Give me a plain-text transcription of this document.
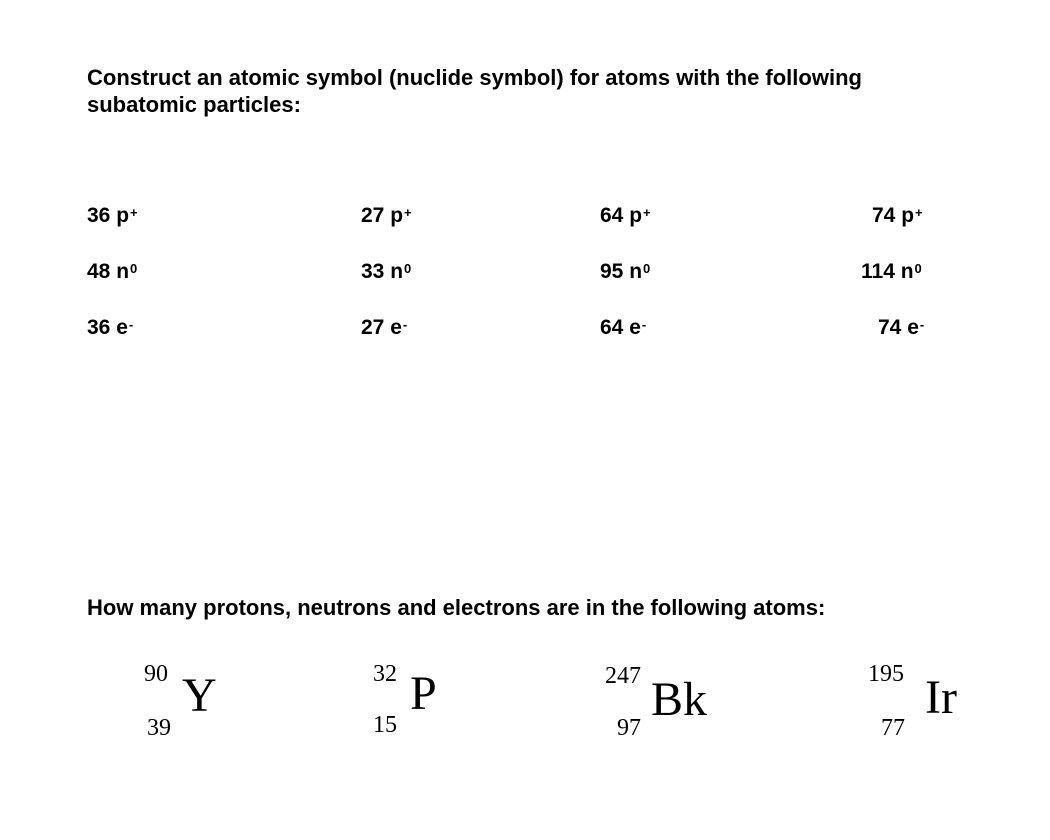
Construct an atomic symbol (nuclide symbol) for atoms with the following subatomic particles:

36 p+
48 $n^0$
36 e-
27 p+
33 $n^0$
27 e-
64 p+
95 $n^0$
64 e-
74 p+
114 $n^0$
74 e-

How many protons, neutrons and electrons are in the following atoms:

90 Y
39
32 P
15
247 Bk
97
195 Ir
77
